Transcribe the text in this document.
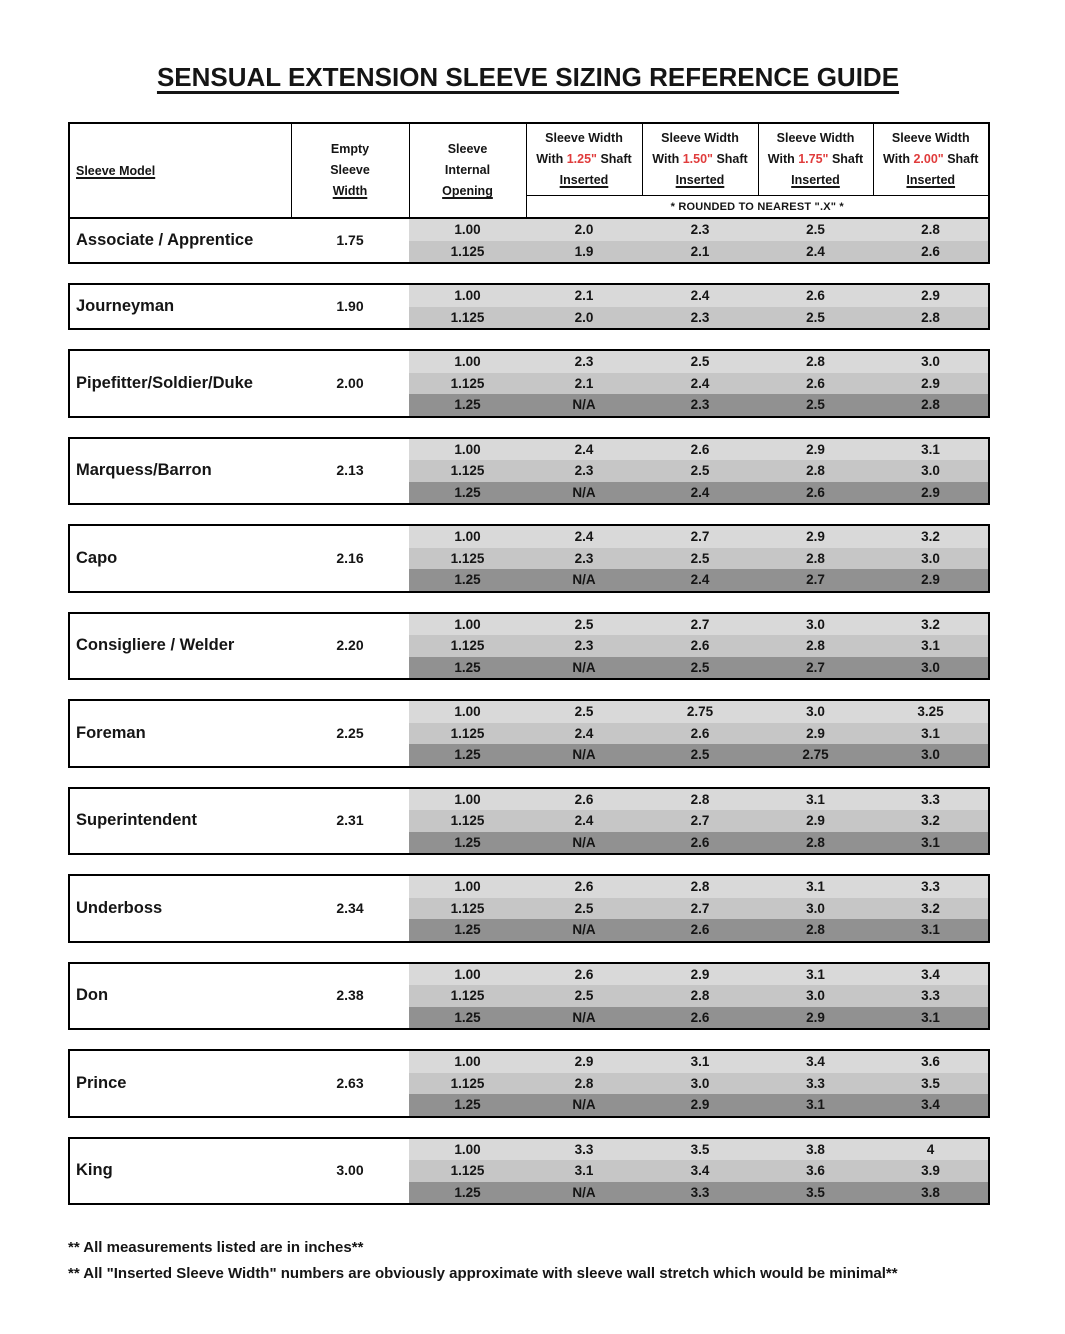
SENSUAL EXTENSION SLEEVE SIZING REFERENCE GUIDE
Sleeve Model	
Empty
Sleeve
Width

Sleeve
Internal
Opening

Sleeve Width
With 1.25" Shaft
Inserted

Sleeve Width
With 1.50" Shaft
Inserted

Sleeve Width
With 1.75" Shaft
Inserted

Sleeve Width
With 2.00" Shaft
Inserted

* ROUNDED TO NEAREST ".X" *
Associate / Apprentice	1.75	1.00	2.0	2.3	2.5	2.8
		1.125	1.9	2.1	2.4	2.6
Journeyman	1.90	1.00	2.1	2.4	2.6	2.9
		1.125	2.0	2.3	2.5	2.8
Pipefitter/Soldier/Duke	2.00	1.00	2.3	2.5	2.8	3.0
		1.125	2.1	2.4	2.6	2.9
		1.25	N/A	2.3	2.5	2.8
Marquess/Barron	2.13	1.00	2.4	2.6	2.9	3.1
		1.125	2.3	2.5	2.8	3.0
		1.25	N/A	2.4	2.6	2.9
Capo	2.16	1.00	2.4	2.7	2.9	3.2
		1.125	2.3	2.5	2.8	3.0
		1.25	N/A	2.4	2.7	2.9
Consigliere / Welder	2.20	1.00	2.5	2.7	3.0	3.2
		1.125	2.3	2.6	2.8	3.1
		1.25	N/A	2.5	2.7	3.0
Foreman	2.25	1.00	2.5	2.75	3.0	3.25
		1.125	2.4	2.6	2.9	3.1
		1.25	N/A	2.5	2.75	3.0
Superintendent	2.31	1.00	2.6	2.8	3.1	3.3
		1.125	2.4	2.7	2.9	3.2
		1.25	N/A	2.6	2.8	3.1
Underboss	2.34	1.00	2.6	2.8	3.1	3.3
		1.125	2.5	2.7	3.0	3.2
		1.25	N/A	2.6	2.8	3.1
Don	2.38	1.00	2.6	2.9	3.1	3.4
		1.125	2.5	2.8	3.0	3.3
		1.25	N/A	2.6	2.9	3.1
Prince	2.63	1.00	2.9	3.1	3.4	3.6
		1.125	2.8	3.0	3.3	3.5
		1.25	N/A	2.9	3.1	3.4
King	3.00	1.00	3.3	3.5	3.8	4
		1.125	3.1	3.4	3.6	3.9
		1.25	N/A	3.3	3.5	3.8

** All measurements listed are in inches**

** All "Inserted Sleeve Width" numbers are obviously approximate with sleeve wall stretch which would be minimal**
